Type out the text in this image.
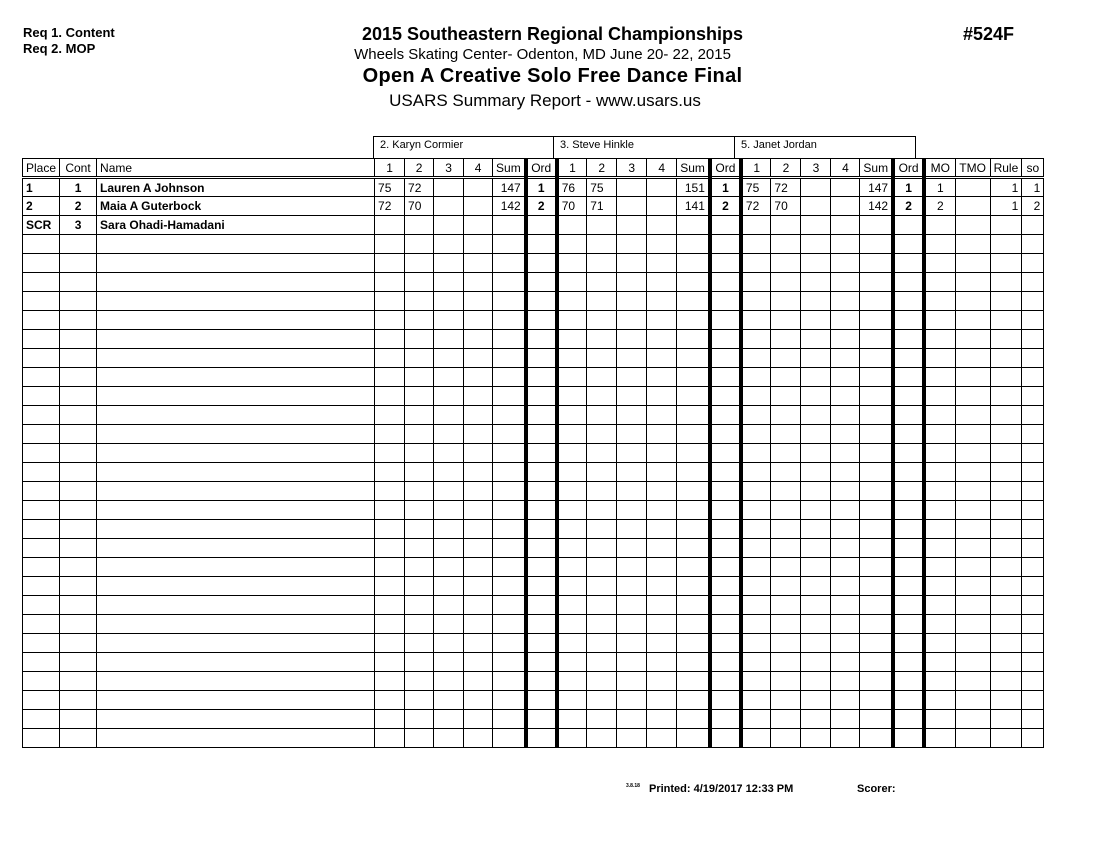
Req 1. Content
Req 2. MOP
2015 Southeastern Regional Championships
Wheels Skating Center- Odenton, MD June 20- 22, 2015
Open A Creative Solo Free Dance Final
USARS Summary Report - www.usars.us
#524F
2. Karyn Cormier	3. Steve Hinkle	5. Janet Jordan
Place	Cont	Name	1	2	3	4	Sum	Ord	1	2	3	4	Sum	Ord	1	2	3	4	Sum	Ord	MO	TMO	Rule	so
1	1	Lauren A Johnson	75	72			147	1	76	75			151	1	75	72			147	1	1		1	1
2	2	Maia A Guterbock	72	70			142	2	70	71			141	2	72	70			142	2	2		1	2
SCR	3	Sara Ohadi-Hamadani																						

3.8.18 Printed: 4/19/2017 12:33 PM	Scorer:
